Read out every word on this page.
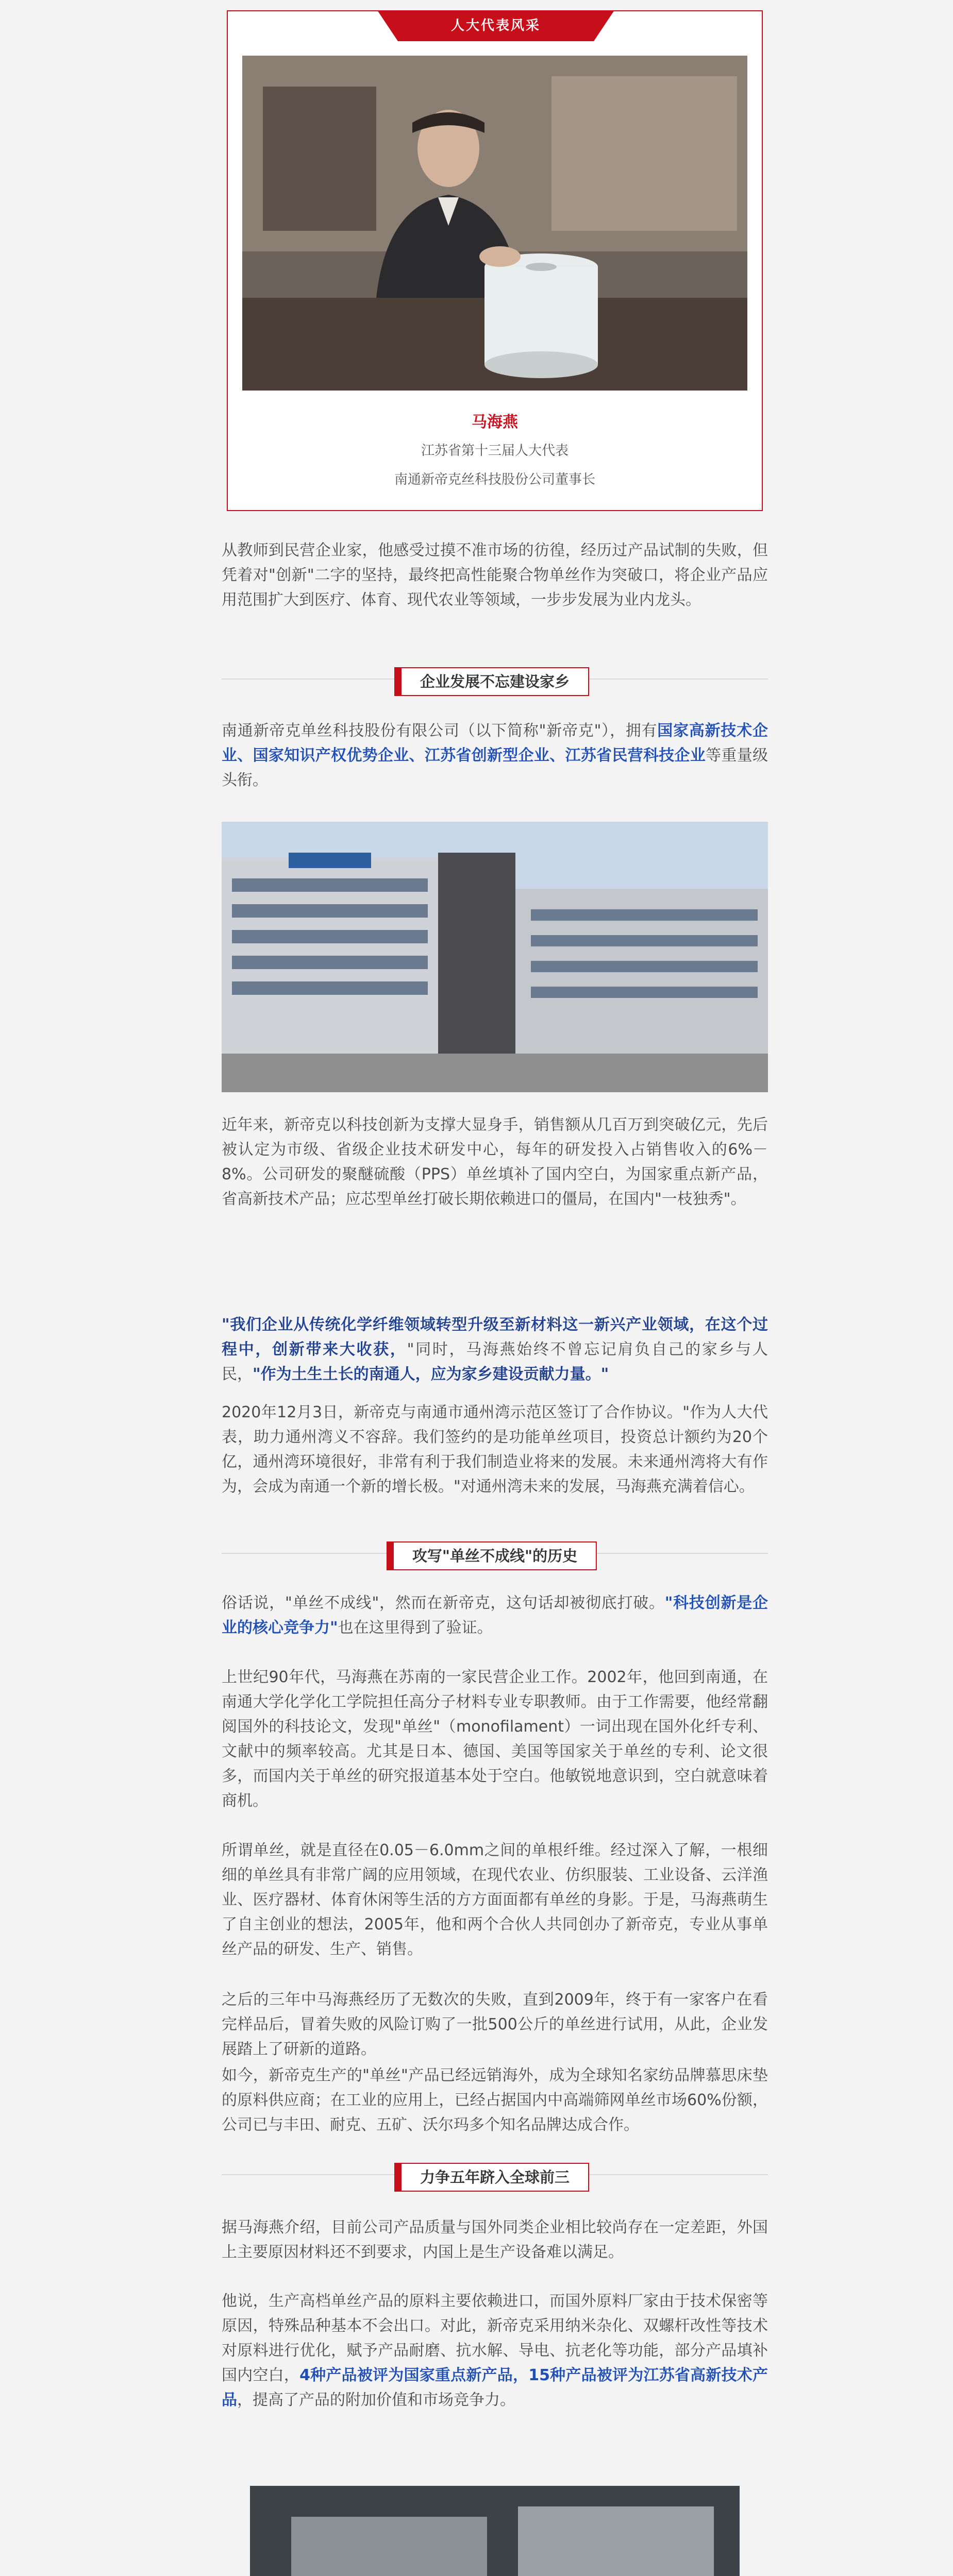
人大代表风采
马海燕
江苏省第十三届人大代表
南通新帝克丝科技股份公司董事长

从教师到民营企业家，他感受过摸不准市场的彷徨，经历过产品试制的失败，但凭着对"创新"二字的坚持，最终把高性能聚合物单丝作为突破口，将企业产品应用范围扩大到医疗、体育、现代农业等领域，一步步发展为业内龙头。

企业发展不忘建设家乡

南通新帝克单丝科技股份有限公司（以下简称"新帝克"），拥有国家高新技术企业、国家知识产权优势企业、江苏省创新型企业、江苏省民营科技企业等重量级头衔。

近年来，新帝克以科技创新为支撑大显身手，销售额从几百万到突破亿元，先后被认定为市级、省级企业技术研发中心，每年的研发投入占销售收入的6%－8%。公司研发的聚醚硫酸（PPS）单丝填补了国内空白，为国家重点新产品，省高新技术产品；应芯型单丝打破长期依赖进口的僵局，在国内"一枝独秀"。

"我们企业从传统化学纤维领域转型升级至新材料这一新兴产业领域，在这个过程中，创新带来大收获，"同时，马海燕始终不曾忘记肩负自己的家乡与人民，"作为土生土长的南通人，应为家乡建设贡献力量。"

2020年12月3日，新帝克与南通市通州湾示范区签订了合作协议。"作为人大代表，助力通州湾义不容辞。我们签约的是功能单丝项目，投资总计额约为20个亿，通州湾环境很好，非常有利于我们制造业将来的发展。未来通州湾将大有作为，会成为南通一个新的增长极。"对通州湾未来的发展，马海燕充满着信心。

攻写"单丝不成线"的历史

俗话说，"单丝不成线"，然而在新帝克，这句话却被彻底打破。"科技创新是企业的核心竞争力"也在这里得到了验证。

上世纪90年代，马海燕在苏南的一家民营企业工作。2002年，他回到南通，在南通大学化学化工学院担任高分子材料专业专职教师。由于工作需要，他经常翻阅国外的科技论文，发现"单丝"（monofilament）一词出现在国外化纤专利、文献中的频率较高。尤其是日本、德国、美国等国家关于单丝的专利、论文很多，而国内关于单丝的研究报道基本处于空白。他敏锐地意识到，空白就意味着商机。

所谓单丝，就是直径在0.05－6.0mm之间的单根纤维。经过深入了解，一根细细的单丝具有非常广阔的应用领域，在现代农业、仿织服装、工业设备、云洋渔业、医疗器材、体育休闲等生活的方方面面都有单丝的身影。于是，马海燕萌生了自主创业的想法，2005年，他和两个合伙人共同创办了新帝克，专业从事单丝产品的研发、生产、销售。

之后的三年中马海燕经历了无数次的失败，直到2009年，终于有一家客户在看完样品后，冒着失败的风险订购了一批500公斤的单丝进行试用，从此，企业发展踏上了研新的道路。

如今，新帝克生产的"单丝"产品已经远销海外，成为全球知名家纺品牌慕思床垫的原料供应商；在工业的应用上，已经占据国内中高端筛网单丝市场60%份额，公司已与丰田、耐克、五矿、沃尔玛多个知名品牌达成合作。

力争五年跻入全球前三

据马海燕介绍，目前公司产品质量与国外同类企业相比较尚存在一定差距，外国上主要原因材料还不到要求，内国上是生产设备难以满足。

他说，生产高档单丝产品的原料主要依赖进口，而国外原料厂家由于技术保密等原因，特殊品种基本不会出口。对此，新帝克采用纳米杂化、双螺杆改性等技术对原料进行优化，赋予产品耐磨、抗水解、导电、抗老化等功能，部分产品填补国内空白，4种产品被评为国家重点新产品，15种产品被评为江苏省高新技术产品，提高了产品的附加价值和市场竞争力。
